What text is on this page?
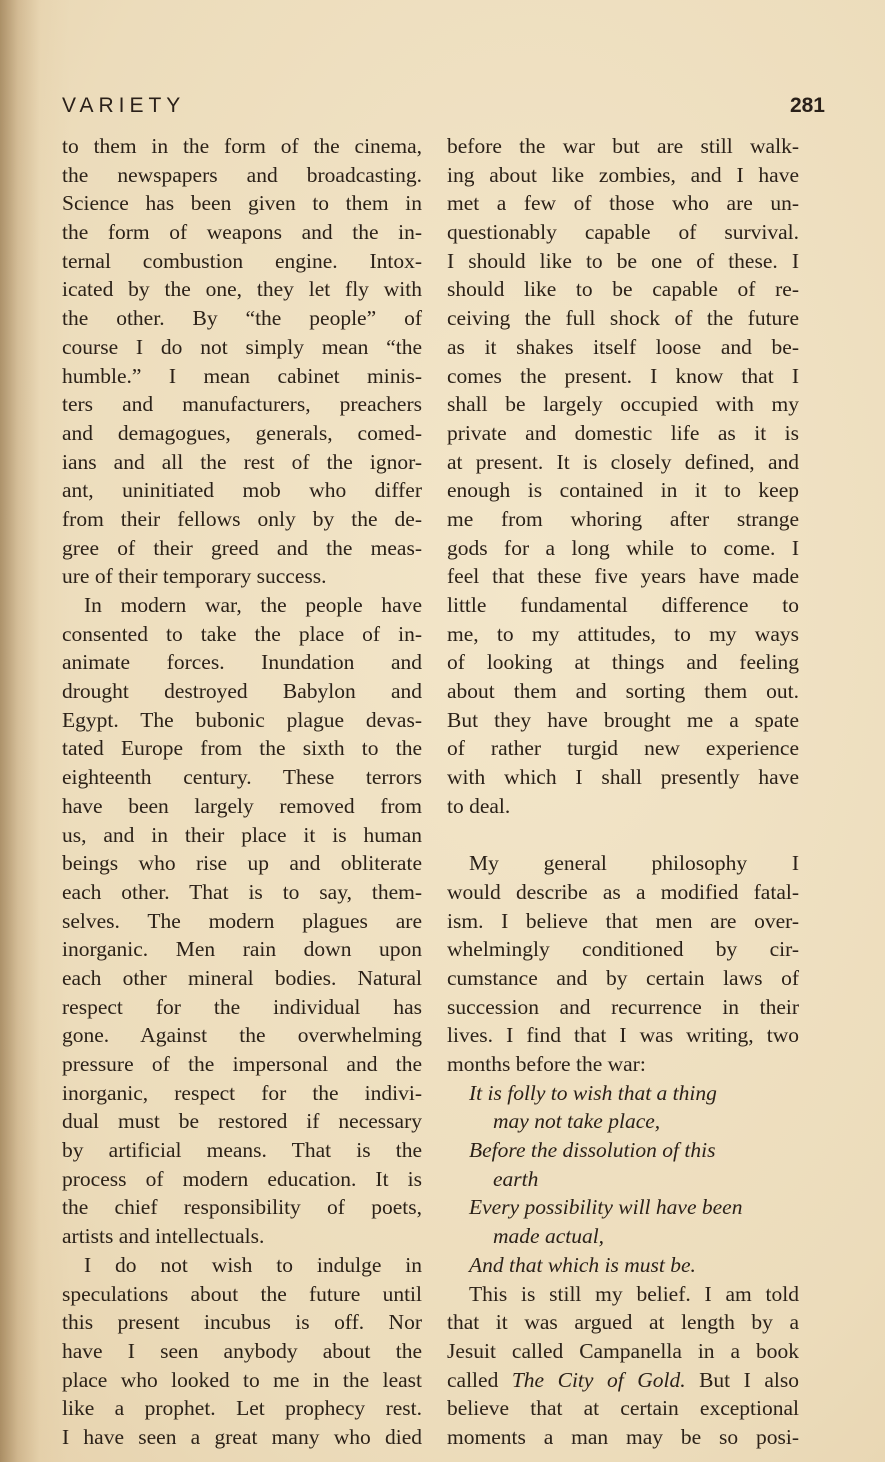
VARIETY	281
to them in the form of the cinema,
the newspapers and broadcasting.
Science has been given to them in
the form of weapons and the in-
ternal combustion engine. Intox-
icated by the one, they let fly with
the other. By “the people” of
course I do not simply mean “the
humble.” I mean cabinet minis-
ters and manufacturers, preachers
and demagogues, generals, comed-
ians and all the rest of the ignor-
ant, uninitiated mob who differ
from their fellows only by the de-
gree of their greed and the meas-
ure of their temporary success.
In modern war, the people have
consented to take the place of in-
animate forces. Inundation and
drought destroyed Babylon and
Egypt. The bubonic plague devas-
tated Europe from the sixth to the
eighteenth century. These terrors
have been largely removed from
us, and in their place it is human
beings who rise up and obliterate
each other. That is to say, them-
selves. The modern plagues are
inorganic. Men rain down upon
each other mineral bodies. Natural
respect for the individual has
gone. Against the overwhelming
pressure of the impersonal and the
inorganic, respect for the indivi-
dual must be restored if necessary
by artificial means. That is the
process of modern education. It is
the chief responsibility of poets,
artists and intellectuals.
I do not wish to indulge in
speculations about the future until
this present incubus is off. Nor
have I seen anybody about the
place who looked to me in the least
like a prophet. Let prophecy rest.
I have seen a great many who died
before the war but are still walk-
ing about like zombies, and I have
met a few of those who are un-
questionably capable of survival.
I should like to be one of these. I
should like to be capable of re-
ceiving the full shock of the future
as it shakes itself loose and be-
comes the present. I know that I
shall be largely occupied with my
private and domestic life as it is
at present. It is closely defined, and
enough is contained in it to keep
me from whoring after strange
gods for a long while to come. I
feel that these five years have made
little fundamental difference to
me, to my attitudes, to my ways
of looking at things and feeling
about them and sorting them out.
But they have brought me a spate
of rather turgid new experience
with which I shall presently have
to deal.
My general philosophy I
would describe as a modified fatal-
ism. I believe that men are over-
whelmingly conditioned by cir-
cumstance and by certain laws of
succession and recurrence in their
lives. I find that I was writing, two
months before the war:
It is folly to wish that a thing
may not take place,
Before the dissolution of this
earth
Every possibility will have been
made actual,
And that which is must be.
This is still my belief. I am told
that it was argued at length by a
Jesuit called Campanella in a book
called The City of Gold. But I also
believe that at certain exceptional
moments a man may be so posi-
